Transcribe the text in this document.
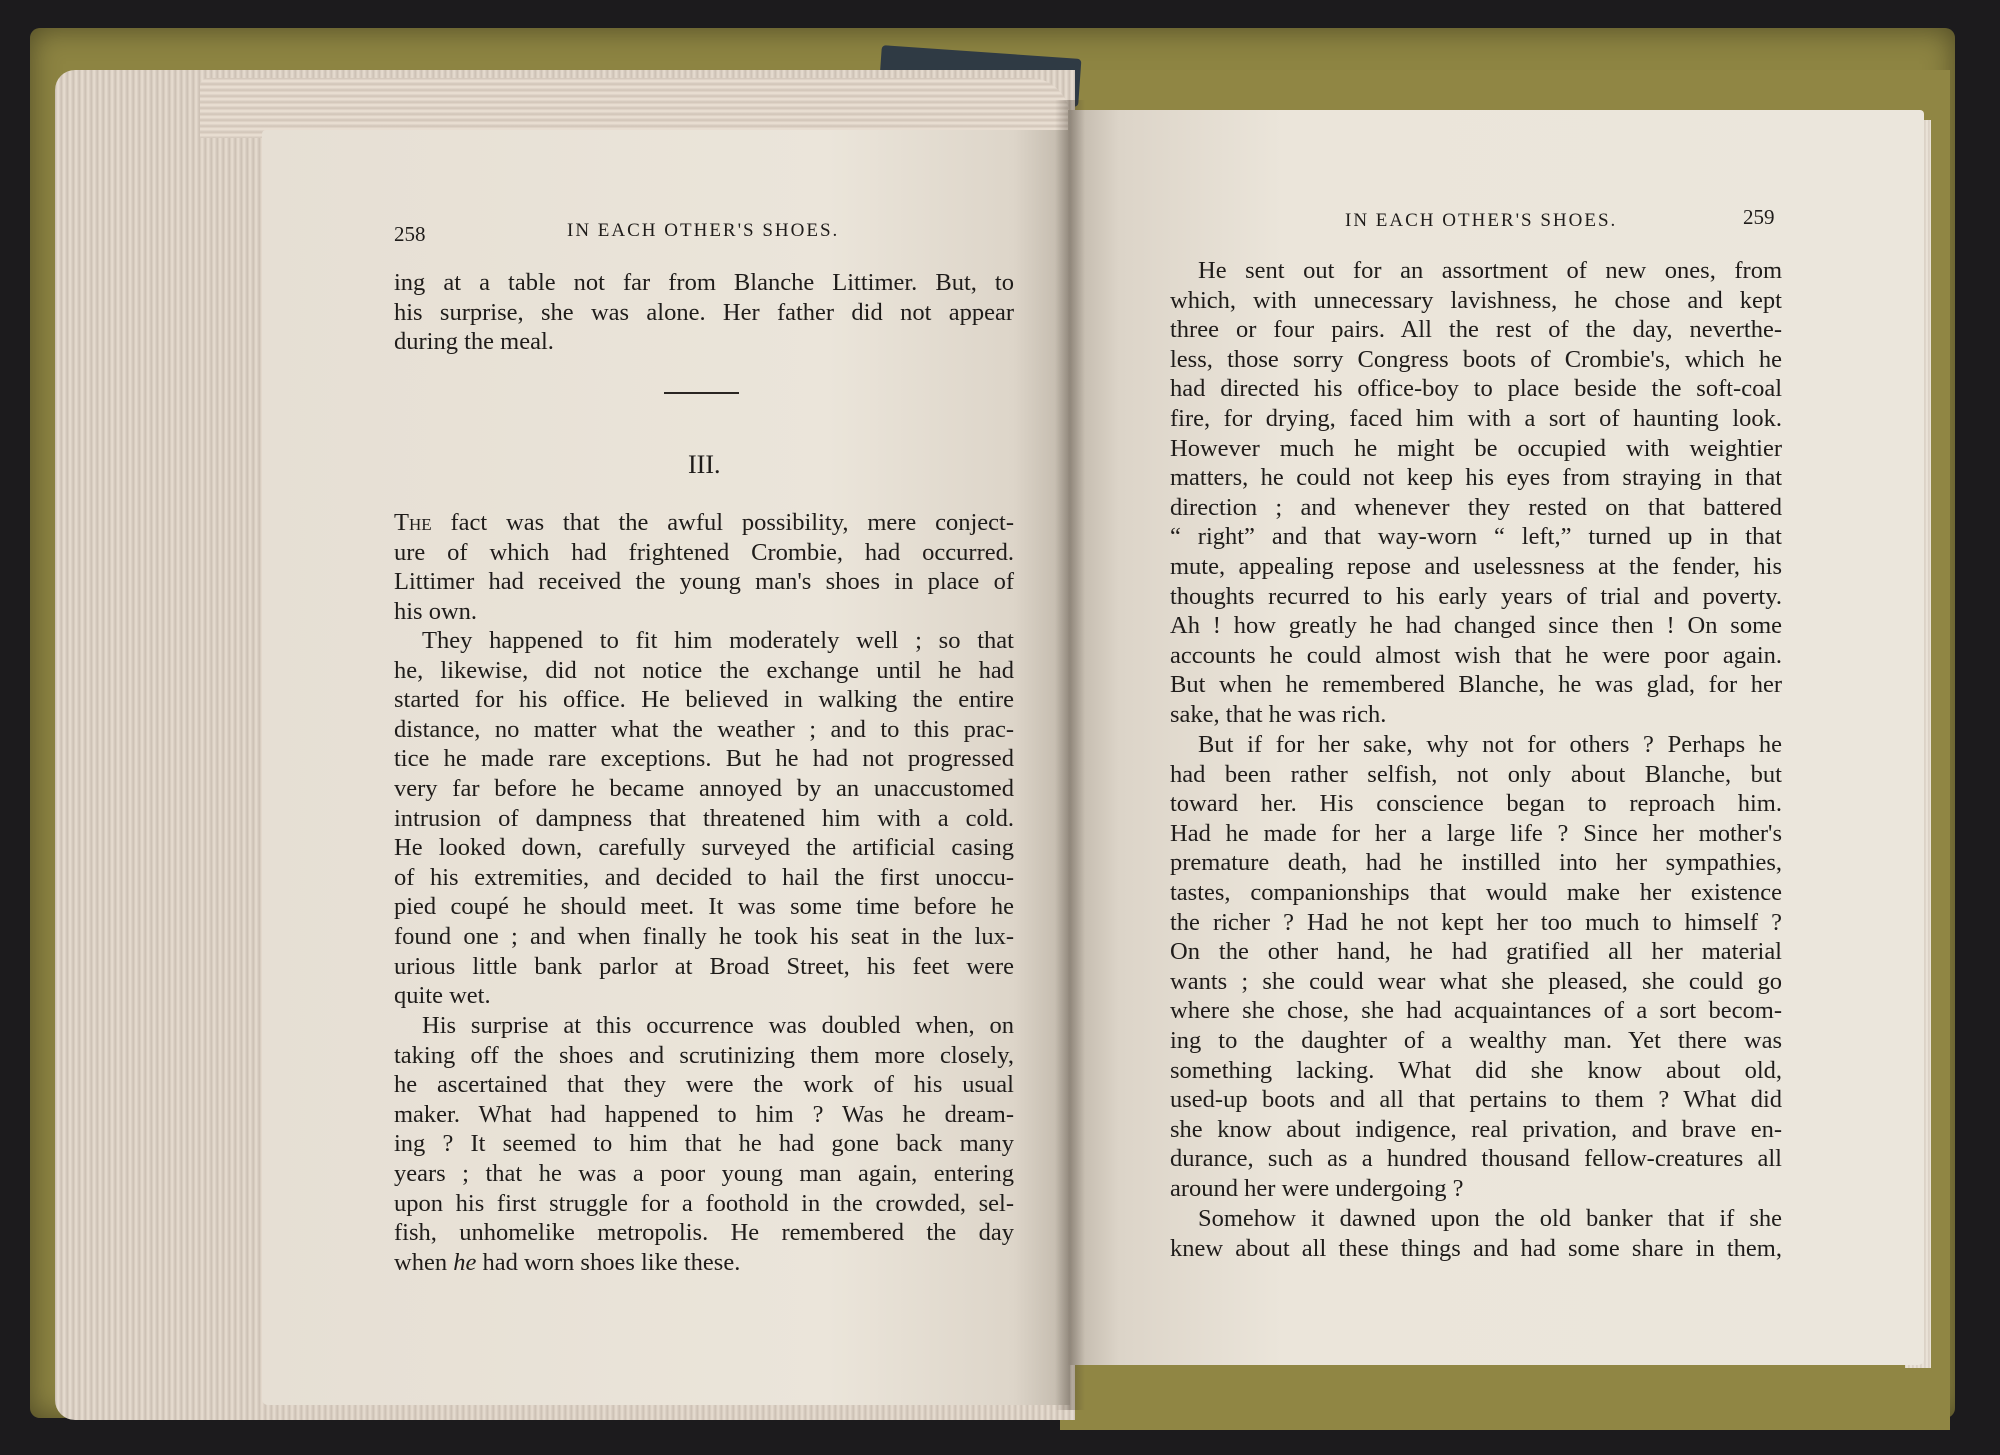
258	IN EACH OTHER'S SHOES.
ing at a table not far from Blanche Littimer. But, to
his surprise, she was alone. Her father did not appear
during the meal.
III.
The fact was that the awful possibility, mere conject-
ure of which had frightened Crombie, had occurred.
Littimer had received the young man's shoes in place of
his own.
They happened to fit him moderately well ; so that
he, likewise, did not notice the exchange until he had
started for his office. He believed in walking the entire
distance, no matter what the weather ; and to this prac-
tice he made rare exceptions. But he had not progressed
very far before he became annoyed by an unaccustomed
intrusion of dampness that threatened him with a cold.
He looked down, carefully surveyed the artificial casing
of his extremities, and decided to hail the first unoccu-
pied coupé he should meet. It was some time before he
found one ; and when finally he took his seat in the lux-
urious little bank parlor at Broad Street, his feet were
quite wet.
His surprise at this occurrence was doubled when, on
taking off the shoes and scrutinizing them more closely,
he ascertained that they were the work of his usual
maker. What had happened to him ? Was he dream-
ing ? It seemed to him that he had gone back many
years ; that he was a poor young man again, entering
upon his first struggle for a foothold in the crowded, sel-
fish, unhomelike metropolis. He remembered the day
when he had worn shoes like these.
IN EACH OTHER'S SHOES.	259
He sent out for an assortment of new ones, from
which, with unnecessary lavishness, he chose and kept
three or four pairs. All the rest of the day, neverthe-
less, those sorry Congress boots of Crombie's, which he
had directed his office-boy to place beside the soft-coal
fire, for drying, faced him with a sort of haunting look.
However much he might be occupied with weightier
matters, he could not keep his eyes from straying in that
direction ; and whenever they rested on that battered
“ right” and that way-worn “ left,” turned up in that
mute, appealing repose and uselessness at the fender, his
thoughts recurred to his early years of trial and poverty.
Ah ! how greatly he had changed since then ! On some
accounts he could almost wish that he were poor again.
But when he remembered Blanche, he was glad, for her
sake, that he was rich.
But if for her sake, why not for others ? Perhaps he
had been rather selfish, not only about Blanche, but
toward her. His conscience began to reproach him.
Had he made for her a large life ? Since her mother's
premature death, had he instilled into her sympathies,
tastes, companionships that would make her existence
the richer ? Had he not kept her too much to himself ?
On the other hand, he had gratified all her material
wants ; she could wear what she pleased, she could go
where she chose, she had acquaintances of a sort becom-
ing to the daughter of a wealthy man. Yet there was
something lacking. What did she know about old,
used-up boots and all that pertains to them ? What did
she know about indigence, real privation, and brave en-
durance, such as a hundred thousand fellow-creatures all
around her were undergoing ?
Somehow it dawned upon the old banker that if she
knew about all these things and had some share in them,
